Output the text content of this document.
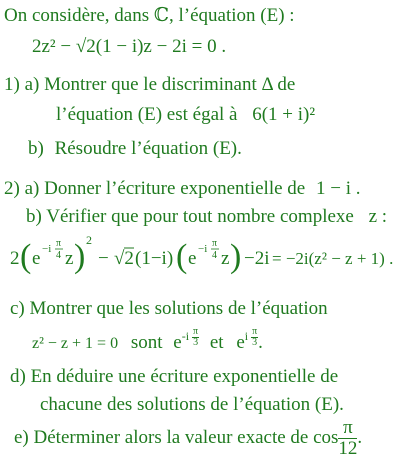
On considère, dans ℂ, l’équation (E) :
2z² − √2(1 − i)z − 2i = 0 .
1) a) Montrer que le discriminant Δ de
l’équation (E) est égal à 6(1 + i)²
b) Résoudre l’équation (E).
2) a) Donner l’écriture exponentielle de 1 − i .
b) Vérifier que pour tout nombre complexe z :
2 ( e −i π
4 z ) 2
− √2 (1−i) ( e −i π
4 z ) −2i = −2i(z² − z + 1) .
c) Montrer que les solutions de l’équation
z² − z + 1 = 0 sont $e^{-i \frac{\pi}{3}}$ et $e^{i \frac{\pi}{3}}$ .
d) En déduire une écriture exponentielle de
chacune des solutions de l’équation (E).
e) Déterminer alors la valeur exacte de $\cos \frac{\pi}{12}$ .
